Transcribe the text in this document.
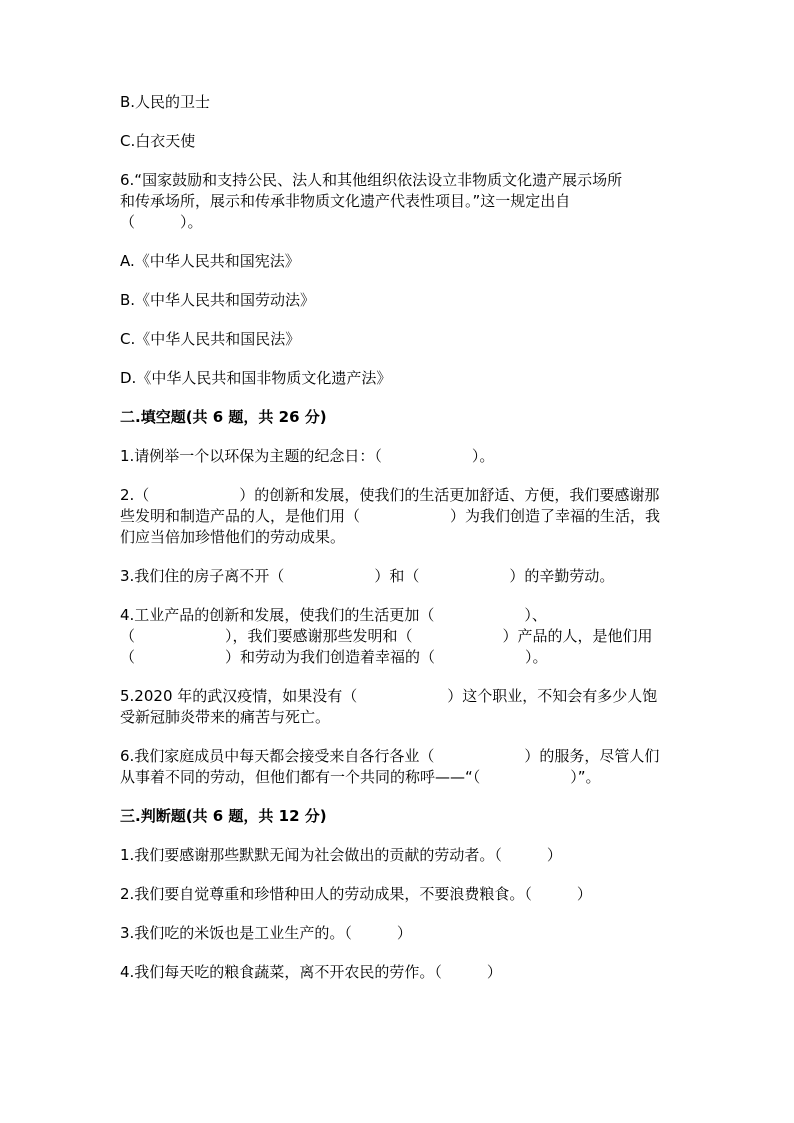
B.人民的卫士

C.白衣天使

6.“国家鼓励和支持公民、法人和其他组织依法设立非物质文化遗产展示场所

和传承场所，展示和传承非物质文化遗产代表性项目。”这一规定出自

（　　　）。

A.《中华人民共和国宪法》

B.《中华人民共和国劳动法》

C.《中华人民共和国民法》

D.《中华人民共和国非物质文化遗产法》

二.填空题(共 6 题，共 26 分)

1.请例举一个以环保为主题的纪念日：（　　　　　　）。

2.（　　　　　　）的创新和发展，使我们的生活更加舒适、方便，我们要感谢那

些发明和制造产品的人，是他们用（　　　　　　）为我们创造了幸福的生活，我

们应当倍加珍惜他们的劳动成果。

3.我们住的房子离不开（　　　　　　）和（　　　　　　）的辛勤劳动。

4.工业产品的创新和发展，使我们的生活更加（　　　　　　）、

（　　　　　　），我们要感谢那些发明和（　　　　　　）产品的人，是他们用

（　　　　　　）和劳动为我们创造着幸福的（　　　　　　）。

5.2020 年的武汉疫情，如果没有（　　　　　　）这个职业，不知会有多少人饱

受新冠肺炎带来的痛苦与死亡。

6.我们家庭成员中每天都会接受来自各行各业（　　　　　　）的服务，尽管人们

从事着不同的劳动，但他们都有一个共同的称呼——“（　　　　　　）”。

三.判断题(共 6 题，共 12 分)

1.我们要感谢那些默默无闻为社会做出的贡献的劳动者。（　　　）

2.我们要自觉尊重和珍惜种田人的劳动成果，不要浪费粮食。（　　　）

3.我们吃的米饭也是工业生产的。（　　　）

4.我们每天吃的粮食蔬菜，离不开农民的劳作。（　　　）
